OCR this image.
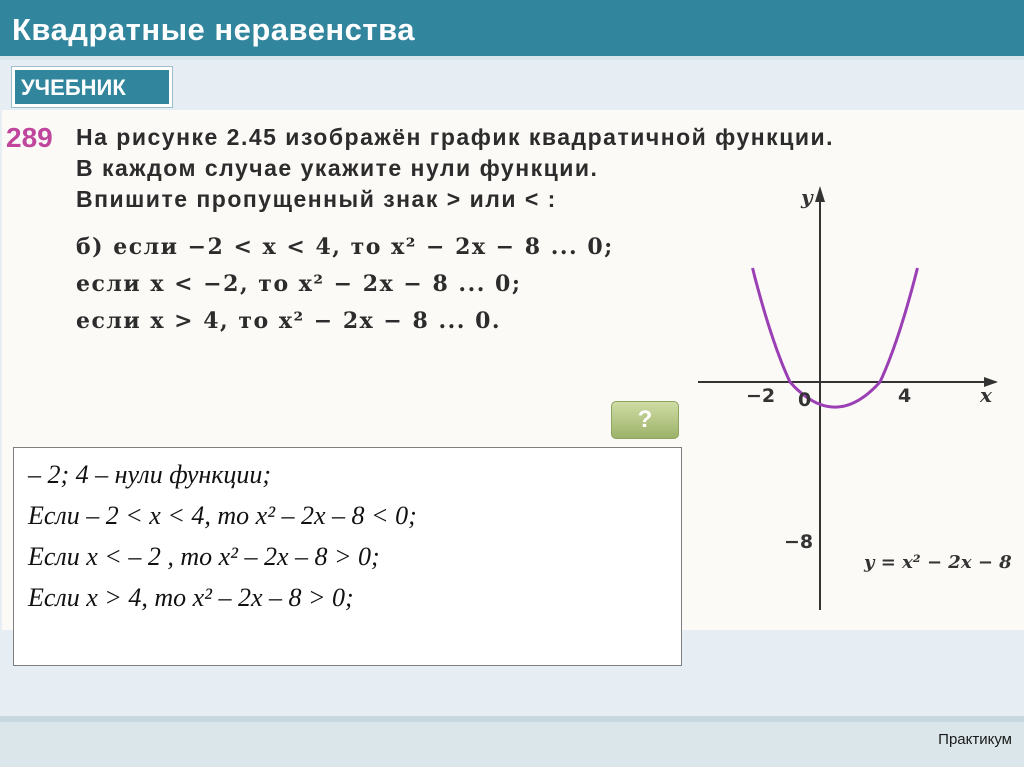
Квадратные неравенства
УЧЕБНИК
289 На рисунке 2.45 изображён график квадратичной функции.
В каждом случае укажите нули функции.
Впишите пропущенный знак > или < :
б) если −2 < x < 4, то x² − 2x − 8 ... 0;
если x < −2, то x² − 2x − 8 ... 0;
если x > 4, то x² − 2x − 8 ... 0.
y
x
−2 0	4
−8
y = x² − 2x − 8
?
– 2; 4 – нули функции;
Если – 2 < x < 4, то x² – 2x – 8 < 0;
Если x < – 2 , то x² – 2x – 8 > 0;
Если x > 4, то x² – 2x – 8 > 0;
Практикум
